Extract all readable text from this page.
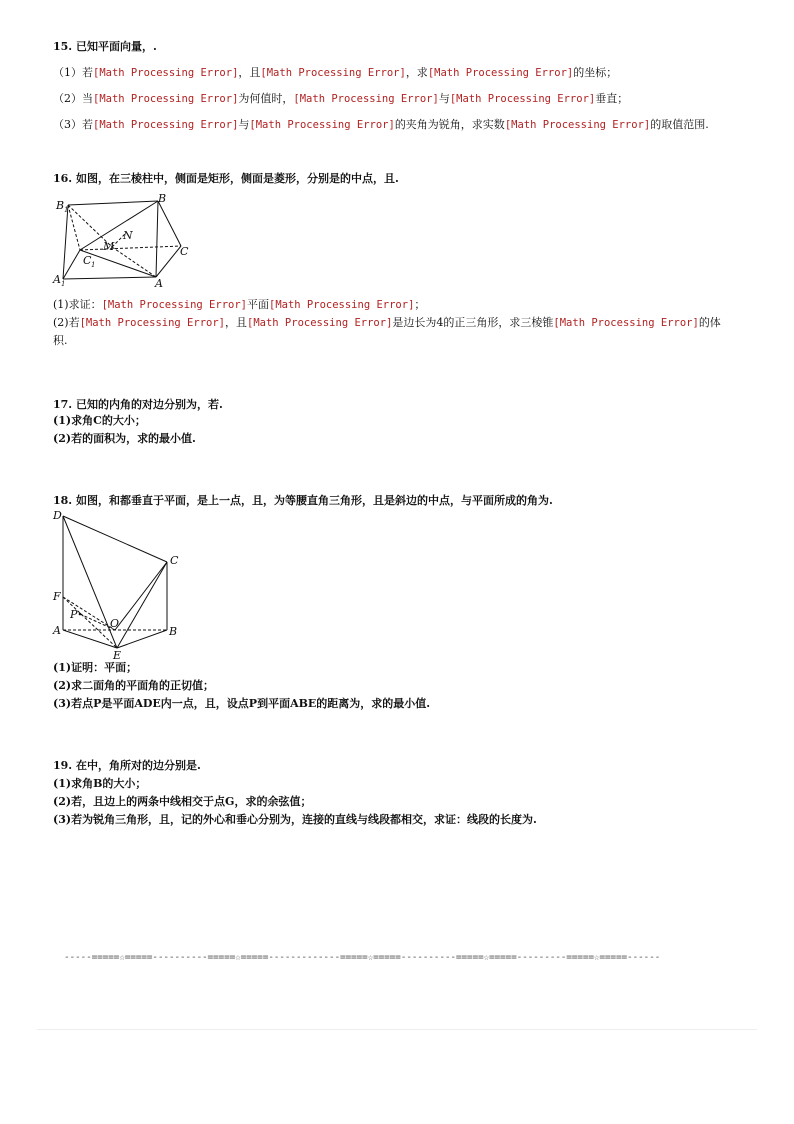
15. 已知平面向量，.
（1）若[Math Processing Error]，且[Math Processing Error]，求[Math Processing Error]的坐标；
（2）当[Math Processing Error]为何值时，[Math Processing Error]与[Math Processing Error]垂直；
（3）若[Math Processing Error]与[Math Processing Error]的夹角为锐角，求实数[Math Processing Error]的取值范围.
16. 如图，在三棱柱中，侧面是矩形，侧面是菱形，分别是的中点，且.
B 1
B
N
M	C
C 1
A 1	A
(1)求证：[Math Processing Error]平面[Math Processing Error]；
(2)若[Math Processing Error]，且[Math Processing Error]是边长为4的正三角形，求三棱锥[Math Processing Error]的体
积.
17. 已知的内角的对边分别为，若.
(1)求角C的大小；
(2)若的面积为，求的最小值.
18. 如图，和都垂直于平面，是上一点，且，为等腰直角三角形，且是斜边的中点，与平面所成的角为.
D
C
F
P
O
A	B
E
(1)证明：平面；
(2)求二面角的平面角的正切值；
(3)若点P是平面ADE内一点，且，设点P到平面ABE的距离为，求的最小值.
19. 在中，角所对的边分别是.
(1)求角B的大小；
(2)若，且边上的两条中线相交于点G，求的余弦值；
(3)若为锐角三角形，且，记的外心和垂心分别为，连接的直线与线段都相交，求证：线段的长度为.
-----=====☆=====----------=====☆=====-------------=====☆=====----------=====☆=====---------=====☆=====------
